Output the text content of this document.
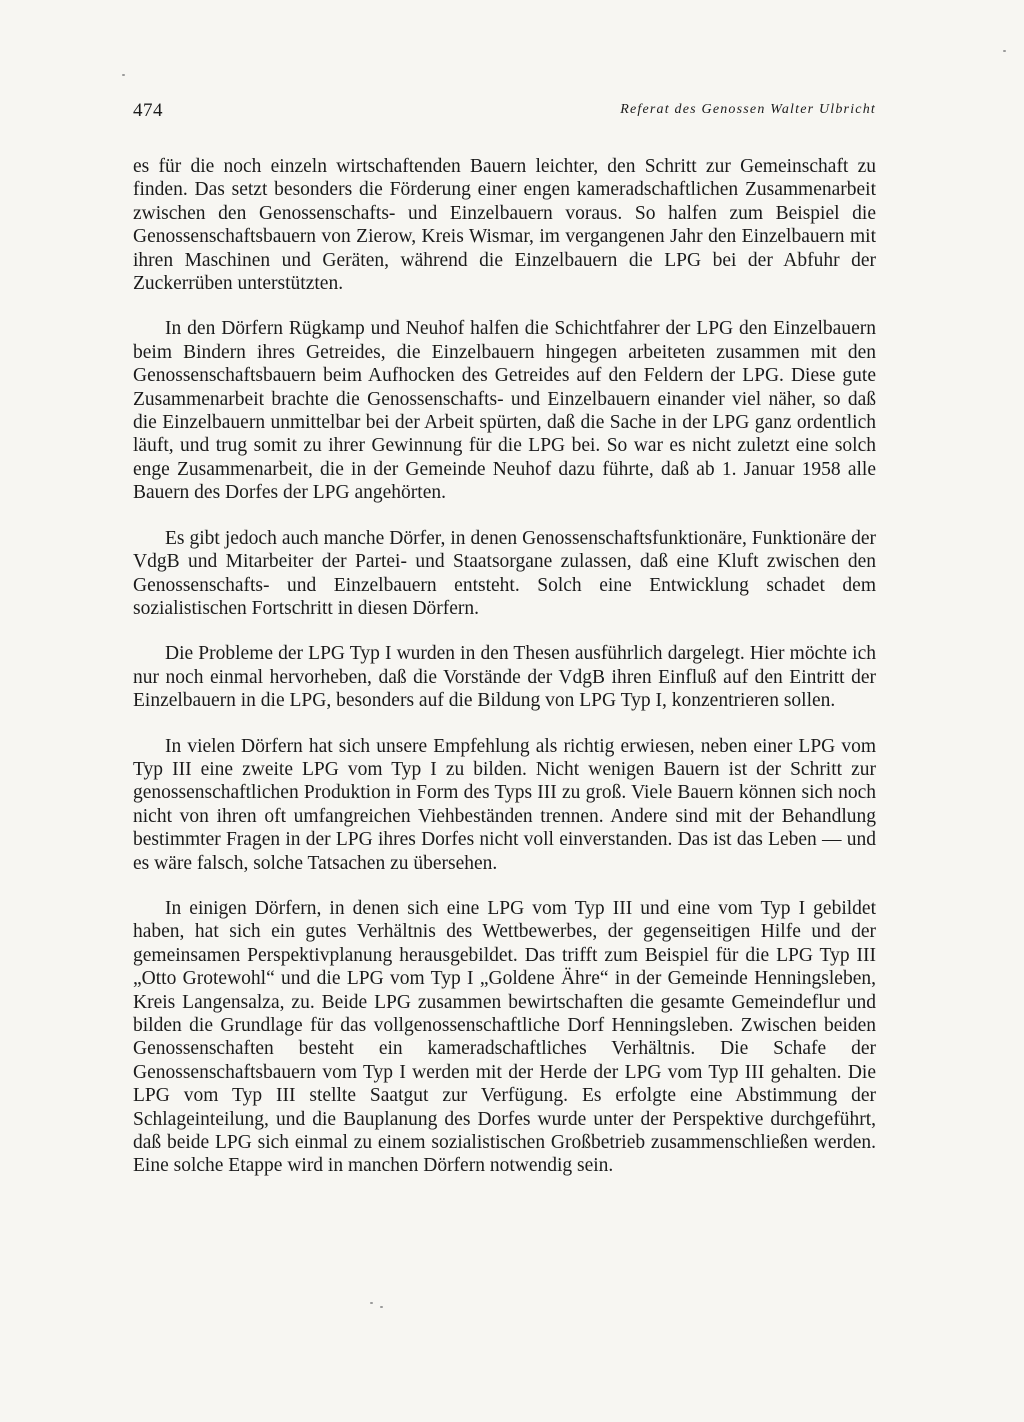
474	Referat des Genossen Walter Ulbricht

es für die noch einzeln wirtschaftenden Bauern leichter, den Schritt zur Gemeinschaft zu finden. Das setzt besonders die Förderung einer engen kameradschaftlichen Zusammenarbeit zwischen den Genossenschafts- und Einzelbauern voraus. So halfen zum Beispiel die Genossenschaftsbauern von Zierow, Kreis Wismar, im vergangenen Jahr den Einzelbauern mit ihren Maschinen und Geräten, während die Einzelbauern die LPG bei der Abfuhr der Zuckerrüben unterstützten.

In den Dörfern Rügkamp und Neuhof halfen die Schichtfahrer der LPG den Einzelbauern beim Bindern ihres Getreides, die Einzelbauern hingegen arbeiteten zusammen mit den Genossenschaftsbauern beim Aufhocken des Getreides auf den Feldern der LPG. Diese gute Zusammenarbeit brachte die Genossenschafts- und Einzelbauern einander viel näher, so daß die Einzelbauern unmittelbar bei der Arbeit spürten, daß die Sache in der LPG ganz ordentlich läuft, und trug somit zu ihrer Gewinnung für die LPG bei. So war es nicht zuletzt eine solch enge Zusammenarbeit, die in der Gemeinde Neuhof dazu führte, daß ab 1. Januar 1958 alle Bauern des Dorfes der LPG angehörten.

Es gibt jedoch auch manche Dörfer, in denen Genossenschaftsfunktionäre, Funktionäre der VdgB und Mitarbeiter der Partei- und Staatsorgane zulassen, daß eine Kluft zwischen den Genossenschafts- und Einzelbauern entsteht. Solch eine Entwicklung schadet dem sozialistischen Fortschritt in diesen Dörfern.

Die Probleme der LPG Typ I wurden in den Thesen ausführlich dargelegt. Hier möchte ich nur noch einmal hervorheben, daß die Vorstände der VdgB ihren Einfluß auf den Eintritt der Einzelbauern in die LPG, besonders auf die Bildung von LPG Typ I, konzentrieren sollen.

In vielen Dörfern hat sich unsere Empfehlung als richtig erwiesen, neben einer LPG vom Typ III eine zweite LPG vom Typ I zu bilden. Nicht wenigen Bauern ist der Schritt zur genossenschaftlichen Produktion in Form des Typs III zu groß. Viele Bauern können sich noch nicht von ihren oft umfangreichen Viehbeständen trennen. Andere sind mit der Behandlung bestimmter Fragen in der LPG ihres Dorfes nicht voll einverstanden. Das ist das Leben — und es wäre falsch, solche Tatsachen zu übersehen.

In einigen Dörfern, in denen sich eine LPG vom Typ III und eine vom Typ I gebildet haben, hat sich ein gutes Verhältnis des Wettbewerbes, der gegenseitigen Hilfe und der gemeinsamen Perspektivplanung herausgebildet. Das trifft zum Beispiel für die LPG Typ III „Otto Grotewohl“ und die LPG vom Typ I „Goldene Ähre“ in der Gemeinde Henningsleben, Kreis Langensalza, zu. Beide LPG zusammen bewirtschaften die gesamte Gemeindeflur und bilden die Grundlage für das vollgenossenschaftliche Dorf Henningsleben. Zwischen beiden Genossenschaften besteht ein kameradschaftliches Verhältnis. Die Schafe der Genossenschaftsbauern vom Typ I werden mit der Herde der LPG vom Typ III gehalten. Die LPG vom Typ III stellte Saatgut zur Verfügung. Es erfolgte eine Abstimmung der Schlageinteilung, und die Bauplanung des Dorfes wurde unter der Perspektive durchgeführt, daß beide LPG sich einmal zu einem sozialistischen Großbetrieb zusammenschließen werden. Eine solche Etappe wird in manchen Dörfern notwendig sein.
